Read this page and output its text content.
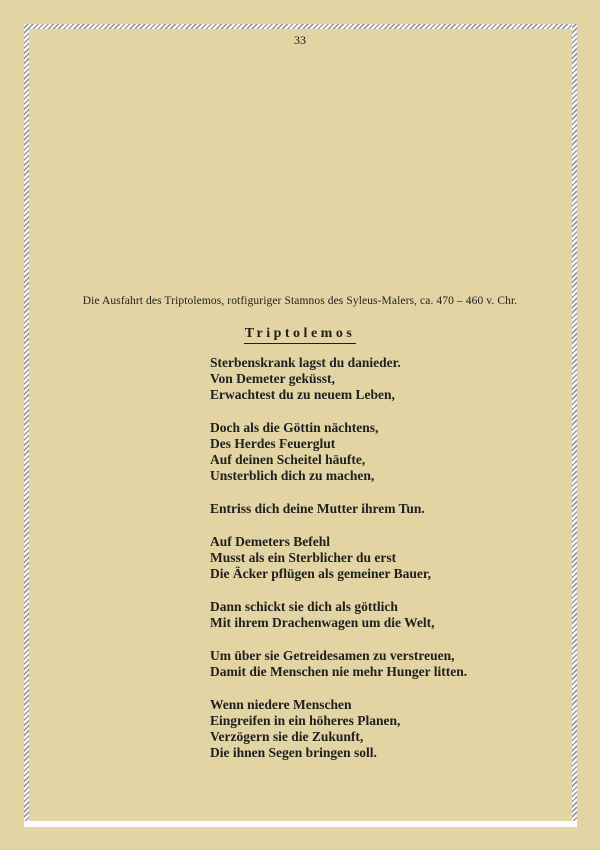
33
Die Ausfahrt des Triptolemos, rotfiguriger Stamnos des Syleus-Malers, ca. 470 – 460 v. Chr.
Triptolemos
Sterbenskrank lagst du danieder.
Von Demeter geküsst,
Erwachtest du zu neuem Leben,
Doch als die Göttin nächtens,
Des Herdes Feuerglut
Auf deinen Scheitel häufte,
Unsterblich dich zu machen,
Entriss dich deine Mutter ihrem Tun.
Auf Demeters Befehl
Musst als ein Sterblicher du erst
Die Äcker pflügen als gemeiner Bauer,
Dann schickt sie dich als göttlich
Mit ihrem Drachenwagen um die Welt,
Um über sie Getreidesamen zu verstreuen,
Damit die Menschen nie mehr Hunger litten.
Wenn niedere Menschen
Eingreifen in ein höheres Planen,
Verzögern sie die Zukunft,
Die ihnen Segen bringen soll.
